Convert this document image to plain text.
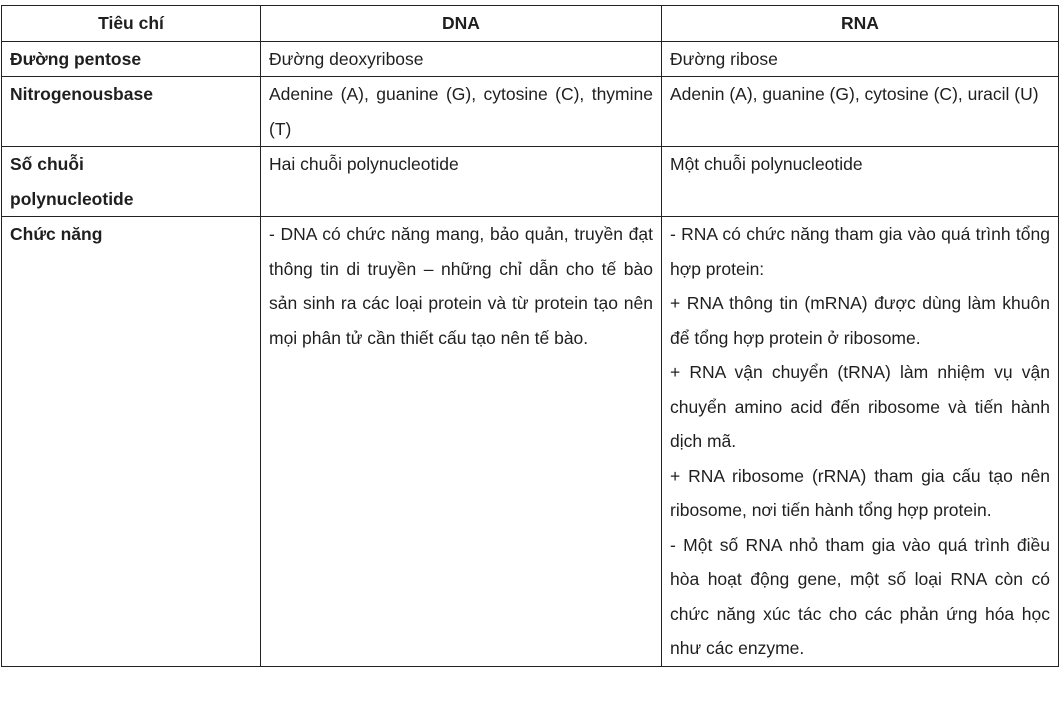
Tiêu chí	DNA	RNA
Đường pentose	Đường deoxyribose	Đường ribose

Nitrogenousbase	Adenine (A), guanine (G), cytosine (C), thymine (T)	Adenin (A), guanine (G), cytosine (C), uracil (U)

Số chuỗi polynucleotide	Hai chuỗi polynucleotide	Một chuỗi polynucleotide

Chức năng	- DNA có chức năng mang, bảo quản, truyền đạt thông tin di truyền – những chỉ dẫn cho tế bào sản sinh ra các loại protein và từ protein tạo nên mọi phân tử cần thiết cấu tạo nên tế bào.	- RNA có chức năng tham gia vào quá trình tổng hợp protein:
+ RNA thông tin (mRNA) được dùng làm khuôn để tổng hợp protein ở ribosome.
+ RNA vận chuyển (tRNA) làm nhiệm vụ vận chuyển amino acid đến ribosome và tiến hành dịch mã.
+ RNA ribosome (rRNA) tham gia cấu tạo nên ribosome, nơi tiến hành tổng hợp protein.
- Một số RNA nhỏ tham gia vào quá trình điều hòa hoạt động gene, một số loại RNA còn có chức năng xúc tác cho các phản ứng hóa học như các enzyme.
